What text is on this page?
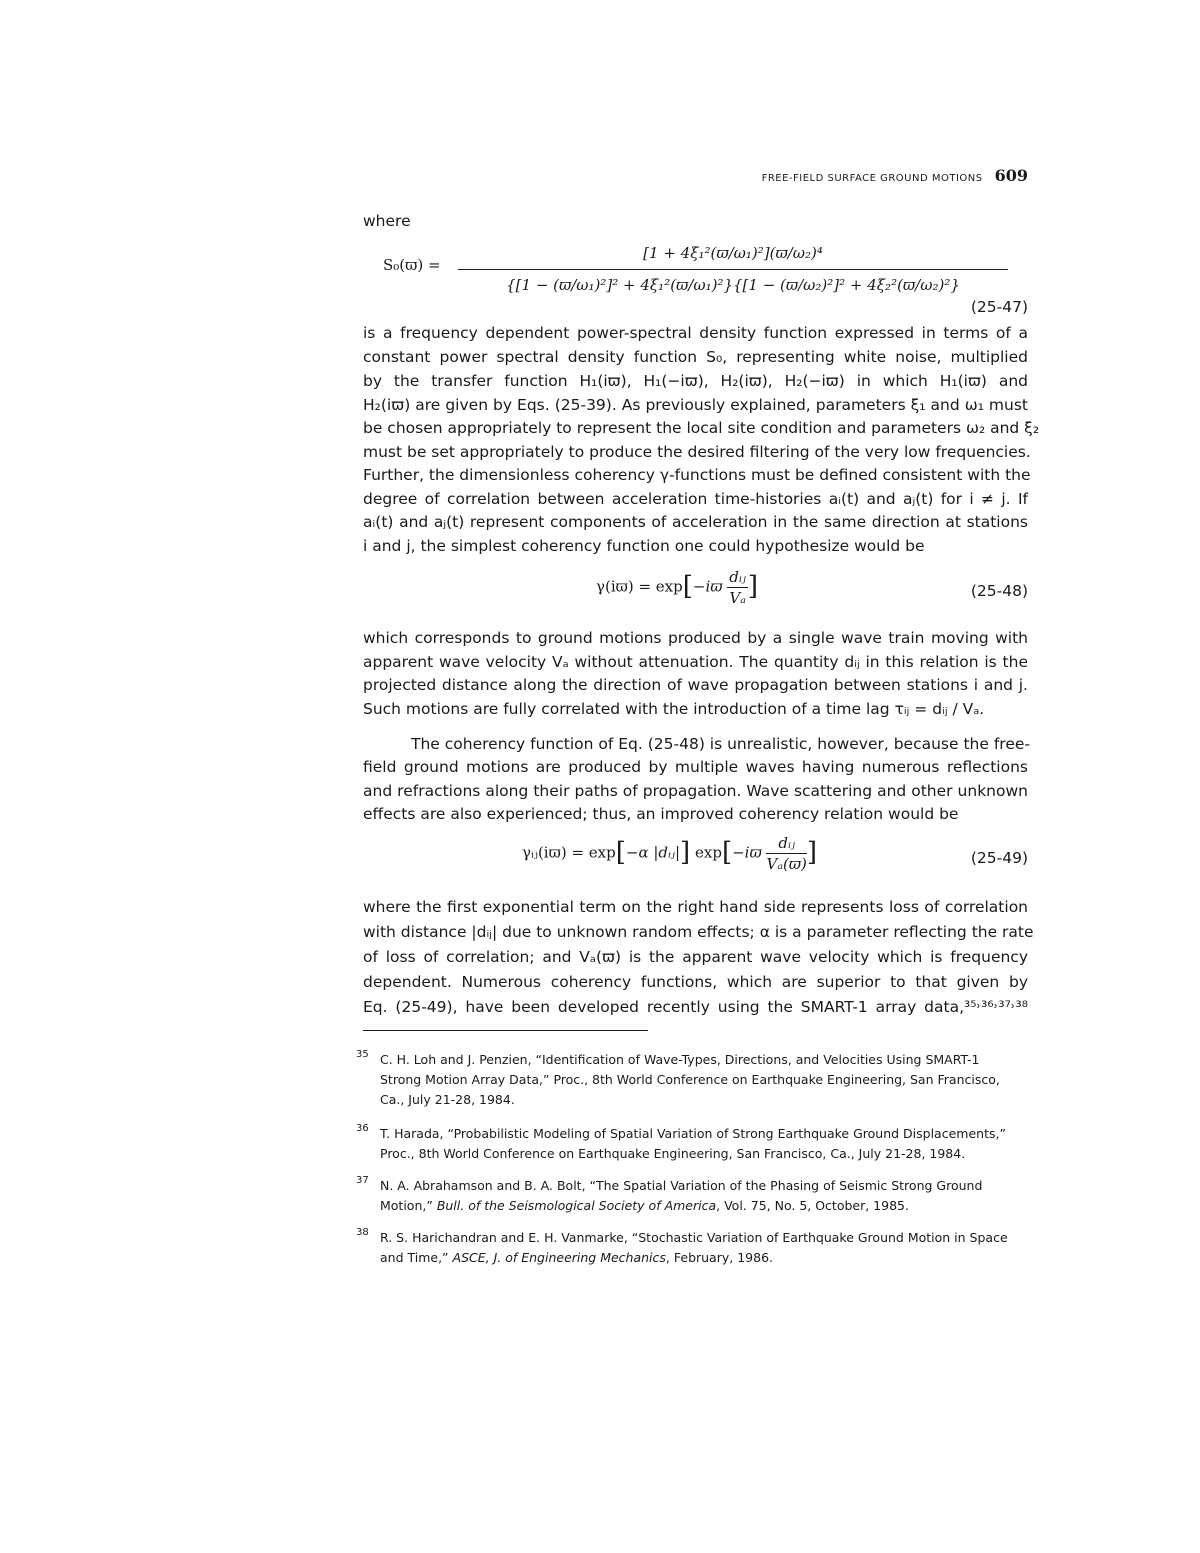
FREE-FIELD SURFACE GROUND MOTIONS 609
where
S₀(ϖ) =
[1 + 4ξ₁²(ϖ/ω₁)²](ϖ/ω₂)⁴
{[1 − (ϖ/ω₁)²]² + 4ξ₁²(ϖ/ω₁)²}{[1 − (ϖ/ω₂)²]² + 4ξ₂²(ϖ/ω₂)²}
(25-47)
is a frequency dependent power-spectral density function expressed in terms of a
constant power spectral density function S₀, representing white noise, multiplied
by the transfer function H₁(iϖ), H₁(−iϖ), H₂(iϖ), H₂(−iϖ) in which H₁(iϖ) and
H₂(iϖ) are given by Eqs. (25-39). As previously explained, parameters ξ₁ and ω₁ must
be chosen appropriately to represent the local site condition and parameters ω₂ and ξ₂
must be set appropriately to produce the desired filtering of the very low frequencies.
Further, the dimensionless coherency γ-functions must be defined consistent with the
degree of correlation between acceleration time-histories aᵢ(t) and aⱼ(t) for i ≠ j. If
aᵢ(t) and aⱼ(t) represent components of acceleration in the same direction at stations
i and j, the simplest coherency function one could hypothesize would be
$\gamma(iϖ) = \exp[-iϖ \frac{\text{dᵢⱼ}}{\text{Vₐ}}$ ]	(25-48)
which corresponds to ground motions produced by a single wave train moving with
apparent wave velocity Vₐ without attenuation. The quantity dᵢⱼ in this relation is the
projected distance along the direction of wave propagation between stations i and j.
Such motions are fully correlated with the introduction of a time lag τᵢⱼ = dᵢⱼ / Vₐ.
The coherency function of Eq. (25-48) is unrealistic, however, because the free-
field ground motions are produced by multiple waves having numerous reflections
and refractions along their paths of propagation. Wave scattering and other unknown
effects are also experienced; thus, an improved coherency relation would be
γᵢⱼ(iϖ) = exp[−α |dᵢⱼ|] $\exp[-iϖ \frac{\text{dᵢⱼ}}{\text{Vₐ(ϖ)}}$ ]	(25-49)
where the first exponential term on the right hand side represents loss of correlation
with distance |dᵢⱼ| due to unknown random effects; α is a parameter reflecting the rate
of loss of correlation; and Vₐ(ϖ) is the apparent wave velocity which is frequency
dependent. Numerous coherency functions, which are superior to that given by
Eq. (25-49), have been developed recently using the SMART-1 array data,³⁵˒³⁶˒³⁷˒³⁸
35 C. H. Loh and J. Penzien, “Identification of Wave-Types, Directions, and Velocities Using SMART-1
Strong Motion Array Data,” Proc., 8th World Conference on Earthquake Engineering, San Francisco,
Ca., July 21-28, 1984.
36 T. Harada, “Probabilistic Modeling of Spatial Variation of Strong Earthquake Ground Displacements,”
Proc., 8th World Conference on Earthquake Engineering, San Francisco, Ca., July 21-28, 1984.
37 N. A. Abrahamson and B. A. Bolt, “The Spatial Variation of the Phasing of Seismic Strong Ground
Motion,” Bull. of the Seismological Society of America, Vol. 75, No. 5, October, 1985.
38 R. S. Harichandran and E. H. Vanmarke, “Stochastic Variation of Earthquake Ground Motion in Space
and Time,” ASCE, J. of Engineering Mechanics, February, 1986.
